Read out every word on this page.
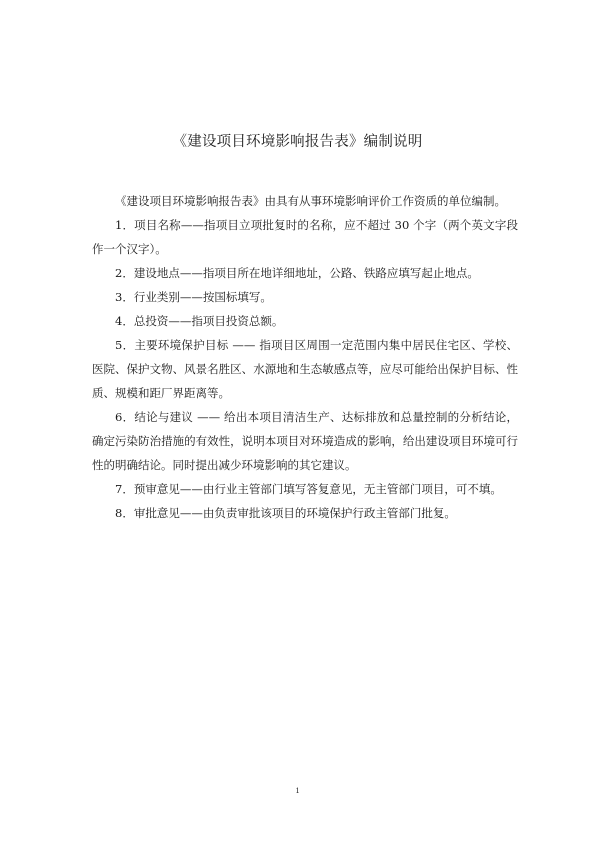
《建设项目环境影响报告表》编制说明

《建设项目环境影响报告表》由具有从事环境影响评价工作资质的单位编制。

1．项目名称——指项目立项批复时的名称，应不超过 30 个字（两个英文字段作一个汉字）。

2．建设地点——指项目所在地详细地址，公路、铁路应填写起止地点。

3．行业类别——按国标填写。

4．总投资——指项目投资总额。

5．主要环境保护目标 —— 指项目区周围一定范围内集中居民住宅区、学校、医院、保护文物、风景名胜区、水源地和生态敏感点等，应尽可能给出保护目标、性质、规模和距厂界距离等。

6．结论与建议 —— 给出本项目清洁生产、达标排放和总量控制的分析结论，确定污染防治措施的有效性，说明本项目对环境造成的影响，给出建设项目环境可行性的明确结论。同时提出减少环境影响的其它建议。

7．预审意见——由行业主管部门填写答复意见，无主管部门项目，可不填。

8．审批意见——由负责审批该项目的环境保护行政主管部门批复。

1
